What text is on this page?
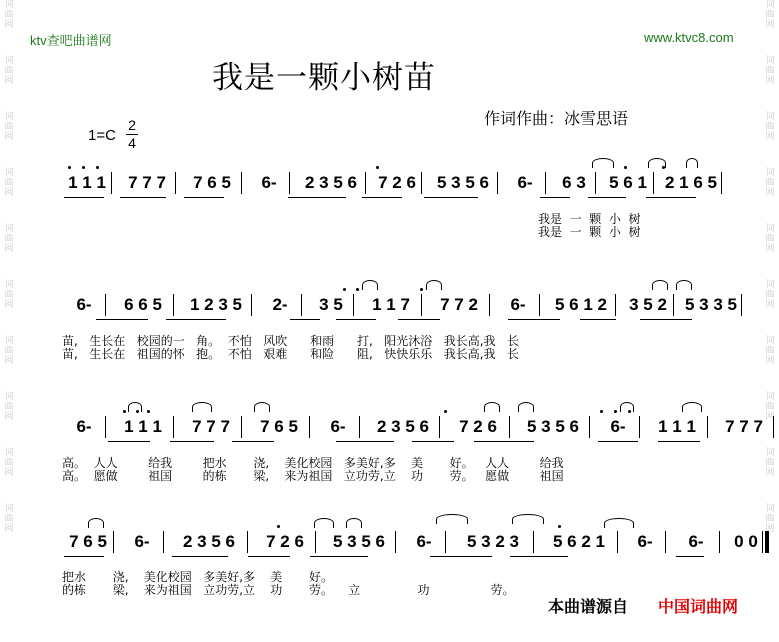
词曲网
词曲网
词曲网
词曲网
词曲网
词曲网
词曲网
词曲网
词曲网
词曲网
词曲网
词曲网
词曲网
词曲网
词曲网
词曲网
词曲网
词曲网
词曲网
词曲网
ktv查吧曲谱网	www.ktvc8.com
我是一颗小树苗
作词作曲：冰雪思语
1=C
2
4
1 1 1	7 7 7	7 6 5	6-	2 3 5 6	7 2 6	5 3 5 6	6-	6 3	5 6 1	2 1 6 5
我是  一  颗  小  树
我是  一  颗  小  树
6-	6 6 5	1 2 3 5	2-	3 5	1 1 7	7 7 2	6-	5 6 1 2	3 5 2	5 3 3 5
苗,   生长在   校园的一   角。  不怕   风吹      和雨      打,   阳光沐浴   我长高,我   长
苗,   生长在   祖国的怀   抱。  不怕   艰难      和险      阻,   快快乐乐   我长高,我   长
6-	1 1 1	7 7 7	7 6 5	6-	2 3 5 6	7 2 6	5 3 5 6	6-	1 1 1	7 7 7
高。  人人        给我        把水       浇,    美化校园   多美好,多    美       好。   人人        给我
高。  愿做        祖国        的栋       梁,    来为祖国   立功劳,立    功       劳。   愿做        祖国
7 6 5	6-	2 3 5 6	7 2 6	5 3 5 6	6-	5 3 2 3	5 6 2 1	6-	6-	0 0
把水       浇,    美化校园   多美好,多    美       好。
的栋       梁,    来为祖国   立功劳,立    功       劳。    立               功                劳。
本曲谱源自 中国词曲网
